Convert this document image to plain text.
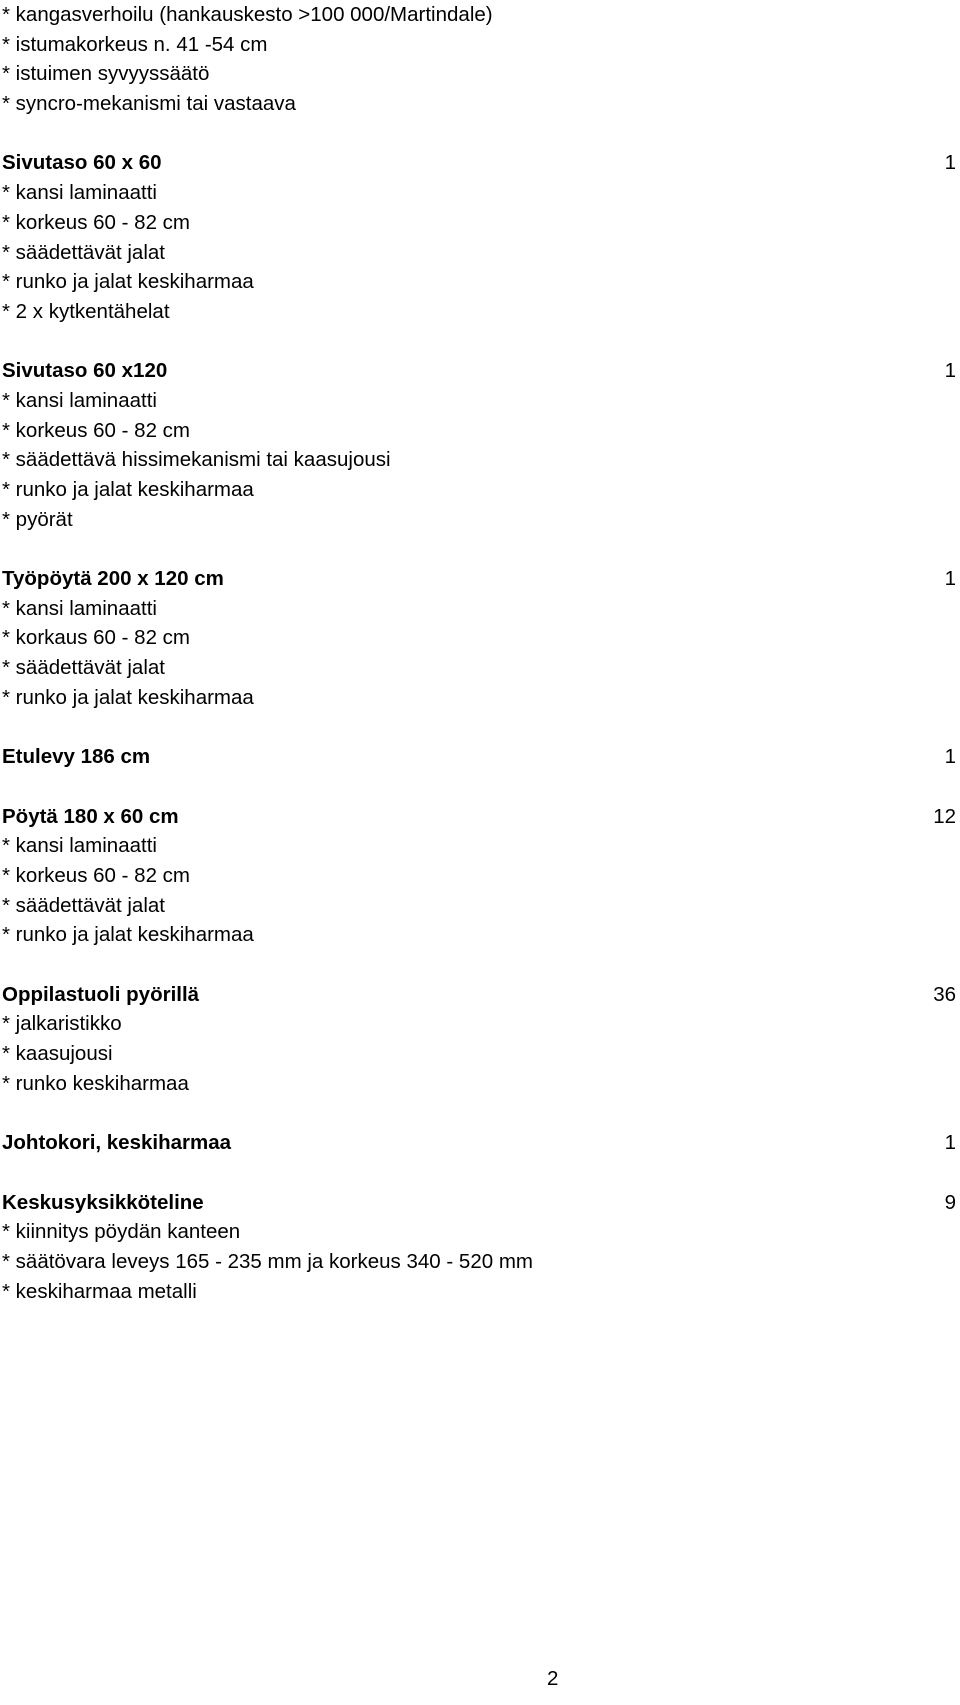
* kangasverhoilu (hankauskesto >100 000/Martindale)
* istumakorkeus n. 41 -54 cm
* istuimen syvyyssäätö
* syncro-mekanismi tai vastaava
Sivutaso 60 x 60	1
* kansi laminaatti
* korkeus 60 - 82 cm
* säädettävät jalat
* runko ja jalat keskiharmaa
* 2 x kytkentähelat
Sivutaso 60 x120	1
* kansi laminaatti
* korkeus 60 - 82 cm
* säädettävä hissimekanismi tai kaasujousi
* runko ja jalat keskiharmaa
* pyörät
Työpöytä 200 x 120 cm	1
* kansi laminaatti
* korkaus 60 - 82 cm
* säädettävät jalat
* runko ja jalat keskiharmaa
Etulevy 186 cm	1
Pöytä 180 x 60 cm	12
* kansi laminaatti
* korkeus 60 - 82 cm
* säädettävät jalat
* runko ja jalat keskiharmaa
Oppilastuoli pyörillä	36
* jalkaristikko
* kaasujousi
* runko keskiharmaa
Johtokori, keskiharmaa	1
Keskusyksikköteline	9
* kiinnitys pöydän kanteen
* säätövara leveys 165 - 235 mm ja korkeus 340 - 520 mm
* keskiharmaa metalli
2
